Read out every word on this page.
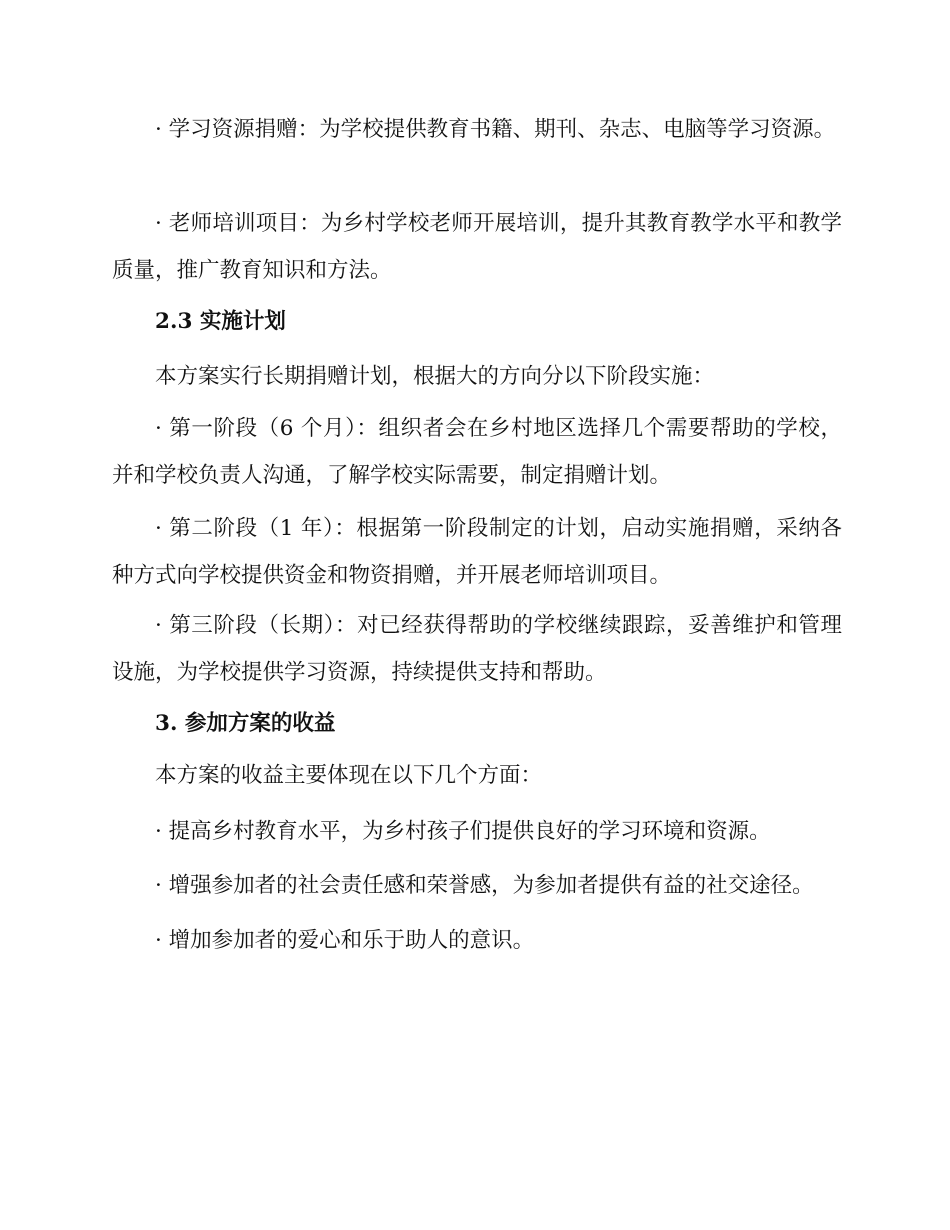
· 学习资源捐赠：为学校提供教育书籍、期刊、杂志、电脑等学习资源。

· 老师培训项目：为乡村学校老师开展培训，提升其教育教学水平和教学质量，推广教育知识和方法。

2.3 实施计划

本方案实行长期捐赠计划，根据大的方向分以下阶段实施：

· 第一阶段（6 个月）：组织者会在乡村地区选择几个需要帮助的学校，并和学校负责人沟通，了解学校实际需要，制定捐赠计划。

· 第二阶段（1 年）：根据第一阶段制定的计划，启动实施捐赠，采纳各种方式向学校提供资金和物资捐赠，并开展老师培训项目。

· 第三阶段（长期）：对已经获得帮助的学校继续跟踪，妥善维护和管理设施，为学校提供学习资源，持续提供支持和帮助。

3. 参加方案的收益

本方案的收益主要体现在以下几个方面：

· 提高乡村教育水平，为乡村孩子们提供良好的学习环境和资源。

· 增强参加者的社会责任感和荣誉感，为参加者提供有益的社交途径。

· 增加参加者的爱心和乐于助人的意识。
